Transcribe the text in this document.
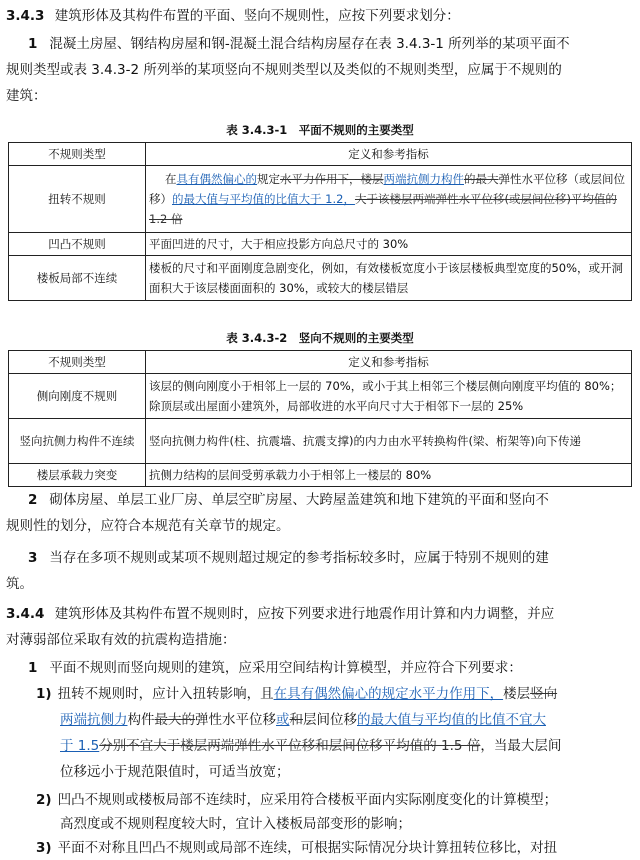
3.4.3 建筑形体及其构件布置的平面、竖向不规则性，应按下列要求划分：

1 混凝土房屋、钢结构房屋和钢-混凝土混合结构房屋存在表 3.4.3-1 所列举的某项平面不

规则类型或表 3.4.3-2 所列举的某项竖向不规则类型以及类似的不规则类型，应属于不规则的

建筑：

表 3.4.3-1　平面不规则的主要类型
不规则类型	定义和参考指标
扭转不规则	在具有偶然偏心的规定水平力作用下，楼层两端抗侧力构件的最大弹性水平位移（或层间位移）的最大值与平均值的比值大于 1.2，大于该楼层两端弹性水平位移(或层间位移)平均值的 1.2 倍
凹凸不规则	平面凹进的尺寸，大于相应投影方向总尺寸的 30%
楼板局部不连续	楼板的尺寸和平面刚度急剧变化，例如，有效楼板宽度小于该层楼板典型宽度的50%，或开洞面积大于该层楼面面积的 30%，或较大的楼层错层
表 3.4.3-2　竖向不规则的主要类型
不规则类型	定义和参考指标
侧向刚度不规则	该层的侧向刚度小于相邻上一层的 70%，或小于其上相邻三个楼层侧向刚度平均值的 80%；除顶层或出屋面小建筑外，局部收进的水平向尺寸大于相邻下一层的 25%
竖向抗侧力构件不连续	竖向抗侧力构件(柱、抗震墙、抗震支撑)的内力由水平转换构件(梁、桁架等)向下传递
楼层承载力突变	抗侧力结构的层间受剪承载力小于相邻上一楼层的 80%

2 砌体房屋、单层工业厂房、单层空旷房屋、大跨屋盖建筑和地下建筑的平面和竖向不

规则性的划分，应符合本规范有关章节的规定。

3 当存在多项不规则或某项不规则超过规定的参考指标较多时，应属于特别不规则的建

筑。

3.4.4 建筑形体及其构件布置不规则时，应按下列要求进行地震作用计算和内力调整，并应

对薄弱部位采取有效的抗震构造措施：

1 平面不规则而竖向规则的建筑，应采用空间结构计算模型，并应符合下列要求：

1) 扭转不规则时，应计入扭转影响，且在具有偶然偏心的规定水平力作用下，楼层竖向

两端抗侧力构件最大的弹性水平位移或和层间位移的最大值与平均值的比值不宜大

于 1.5分别不宜大于楼层两端弹性水平位移和层间位移平均值的 1.5 倍，当最大层间

位移远小于规范限值时，可适当放宽；

2) 凹凸不规则或楼板局部不连续时，应采用符合楼板平面内实际刚度变化的计算模型；

高烈度或不规则程度较大时，宜计入楼板局部变形的影响；

3) 平面不对称且凹凸不规则或局部不连续，可根据实际情况分块计算扭转位移比，对扭
